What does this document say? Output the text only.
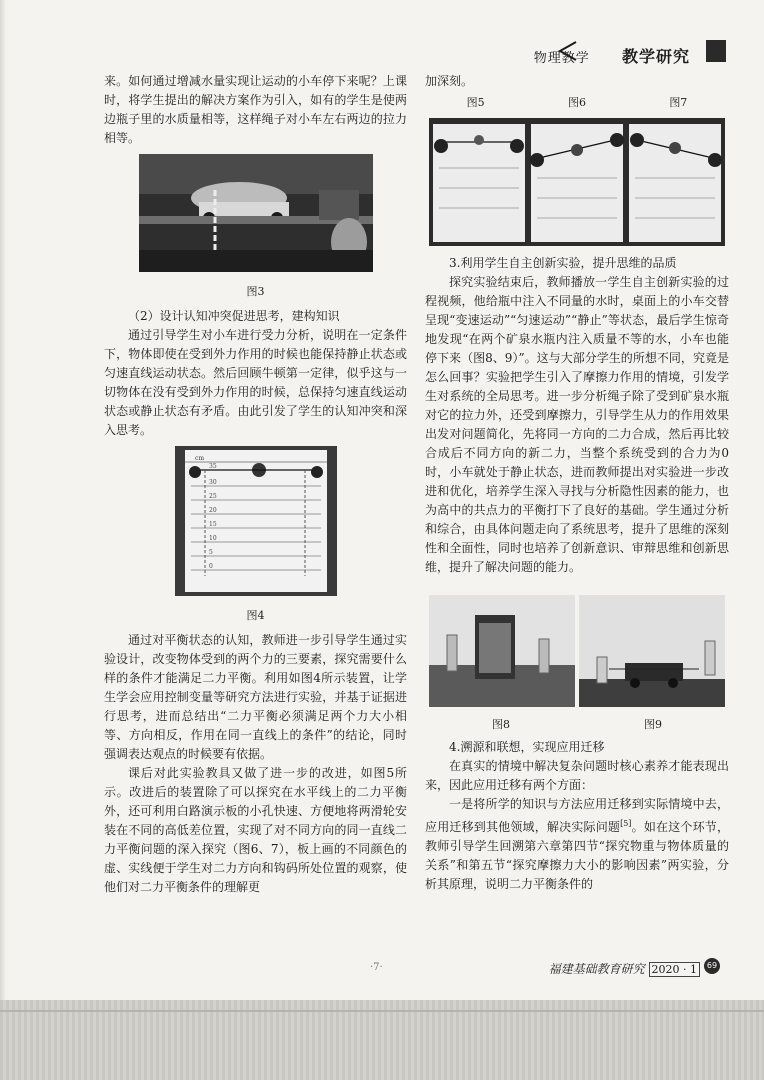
物理教学 教学研究

来。如何通过增减水量实现让运动的小车停下来呢？上课时，将学生提出的解决方案作为引入，如有的学生是使两边瓶子里的水质量相等，这样绳子对小车左右两边的拉力相等。

图3

（2）设计认知冲突促进思考，建构知识

通过引导学生对小车进行受力分析，说明在一定条件下，物体即使在受到外力作用的时候也能保持静止状态或匀速直线运动状态。然后回顾牛顿第一定律，似乎这与一切物体在没有受到外力作用的时候，总保持匀速直线运动状态或静止状态有矛盾。由此引发了学生的认知冲突和深入思考。

cm
35
30
25
20
15
10
5
0
图4

通过对平衡状态的认知，教师进一步引导学生通过实验设计，改变物体受到的两个力的三要素，探究需要什么样的条件才能满足二力平衡。利用如图4所示装置，让学生学会应用控制变量等研究方法进行实验，并基于证据进行思考，进而总结出“二力平衡必须满足两个力大小相等、方向相反，作用在同一直线上的条件”的结论，同时强调表达观点的时候要有依据。

课后对此实验教具又做了进一步的改进，如图5所示。改进后的装置除了可以探究在水平线上的二力平衡外，还可利用白路演示板的小孔快速、方便地将两滑轮安装在不同的高低差位置，实现了对不同方向的同一直线二力平衡问题的深入探究（图6、7），板上画的不同颜色的虚、实线便于学生对二力方向和钩码所处位置的观察，使他们对二力平衡条件的理解更

加深刻。

图5	图6	图7

3.利用学生自主创新实验，提升思维的品质

探究实验结束后，教师播放一学生自主创新实验的过程视频，他给瓶中注入不同量的水时，桌面上的小车交替呈现“变速运动”“匀速运动”“静止”等状态，最后学生惊奇地发现“在两个矿泉水瓶内注入质量不等的水，小车也能停下来（图8、9）”。这与大部分学生的所想不同，究竟是怎么回事？实验把学生引入了摩擦力作用的情境，引发学生对系统的全局思考。进一步分析绳子除了受到矿泉水瓶对它的拉力外，还受到摩擦力，引导学生从力的作用效果出发对问题简化，先将同一方向的二力合成，然后再比较合成后不同方向的新二力，当整个系统受到的合力为0时，小车就处于静止状态，进而教师提出对实验进一步改进和优化，培养学生深入寻找与分析隐性因素的能力，也为高中的共点力的平衡打下了良好的基础。学生通过分析和综合，由具体问题走向了系统思考，提升了思维的深刻性和全面性，同时也培养了创新意识、审辩思维和创新思维，提升了解决问题的能力。

图8	图9

4.溯源和联想，实现应用迁移

在真实的情境中解决复杂问题时核心素养才能表现出来，因此应用迁移有两个方面：

一是将所学的知识与方法应用迁移到实际情境中去，应用迁移到其他领域，解决实际问题[5]。如在这个环节，教师引导学生回溯第六章第四节“探究物重与物体质量的关系”和第五节“探究摩擦力大小的影响因素”两实验，分析其原理，说明二力平衡条件的

·7·	福建基础教育研究 2020 · 1	69
